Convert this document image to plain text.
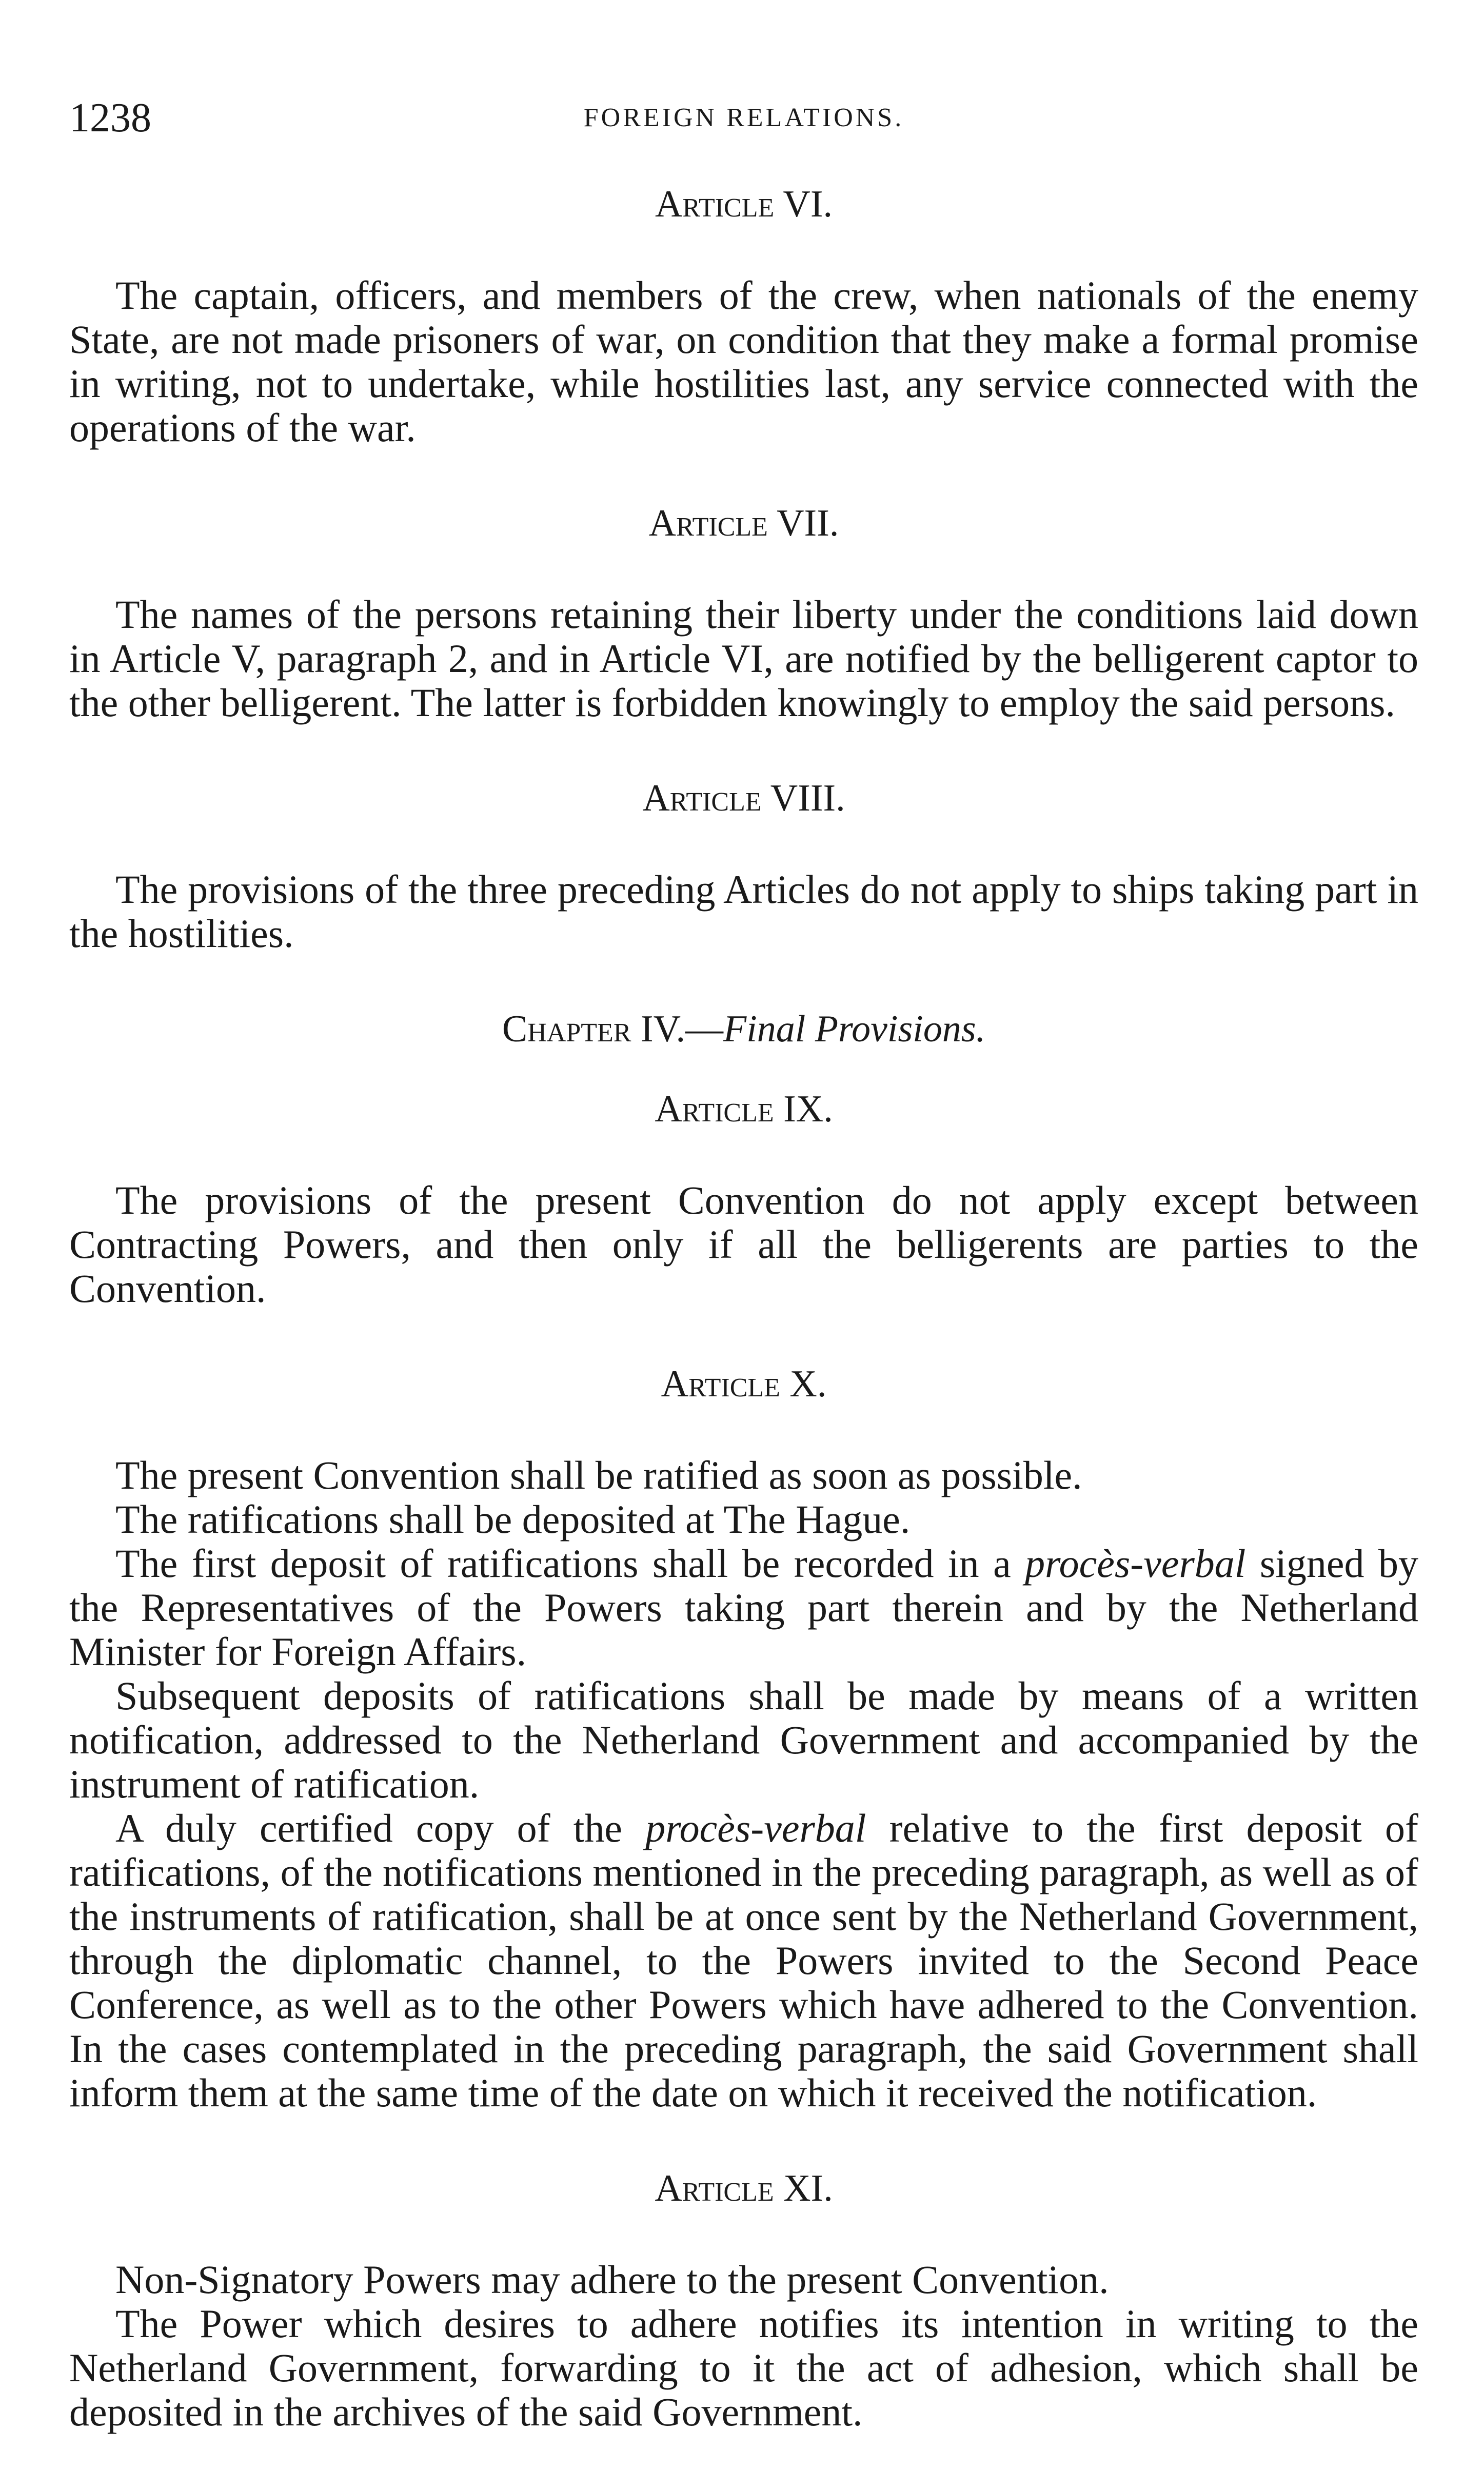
1238	FOREIGN RELATIONS.

Article VI.

The captain, officers, and members of the crew, when nationals of the enemy State, are not made prisoners of war, on condition that they make a formal promise in writing, not to undertake, while hostilities last, any service connected with the operations of the war.

Article VII.

The names of the persons retaining their liberty under the conditions laid down in Article V, paragraph 2, and in Article VI, are notified by the belligerent captor to the other belligerent. The latter is forbidden knowingly to employ the said persons.

Article VIII.

The provisions of the three preceding Articles do not apply to ships taking part in the hostilities.

Chapter IV.—Final Provisions.

Article IX.

The provisions of the present Convention do not apply except between Contracting Powers, and then only if all the belligerents are parties to the Convention.

Article X.

The present Convention shall be ratified as soon as possible.

The ratifications shall be deposited at The Hague.

The first deposit of ratifications shall be recorded in a procès-verbal signed by the Representatives of the Powers taking part therein and by the Netherland Minister for Foreign Affairs.

Subsequent deposits of ratifications shall be made by means of a written notification, addressed to the Netherland Government and accompanied by the instrument of ratification.

A duly certified copy of the procès-verbal relative to the first deposit of ratifications, of the notifications mentioned in the preceding paragraph, as well as of the instruments of ratification, shall be at once sent by the Netherland Government, through the diplomatic channel, to the Powers invited to the Second Peace Conference, as well as to the other Powers which have adhered to the Convention. In the cases contemplated in the preceding paragraph, the said Government shall inform them at the same time of the date on which it received the notification.

Article XI.

Non-Signatory Powers may adhere to the present Convention.

The Power which desires to adhere notifies its intention in writing to the Netherland Government, forwarding to it the act of adhesion, which shall be deposited in the archives of the said Government.
